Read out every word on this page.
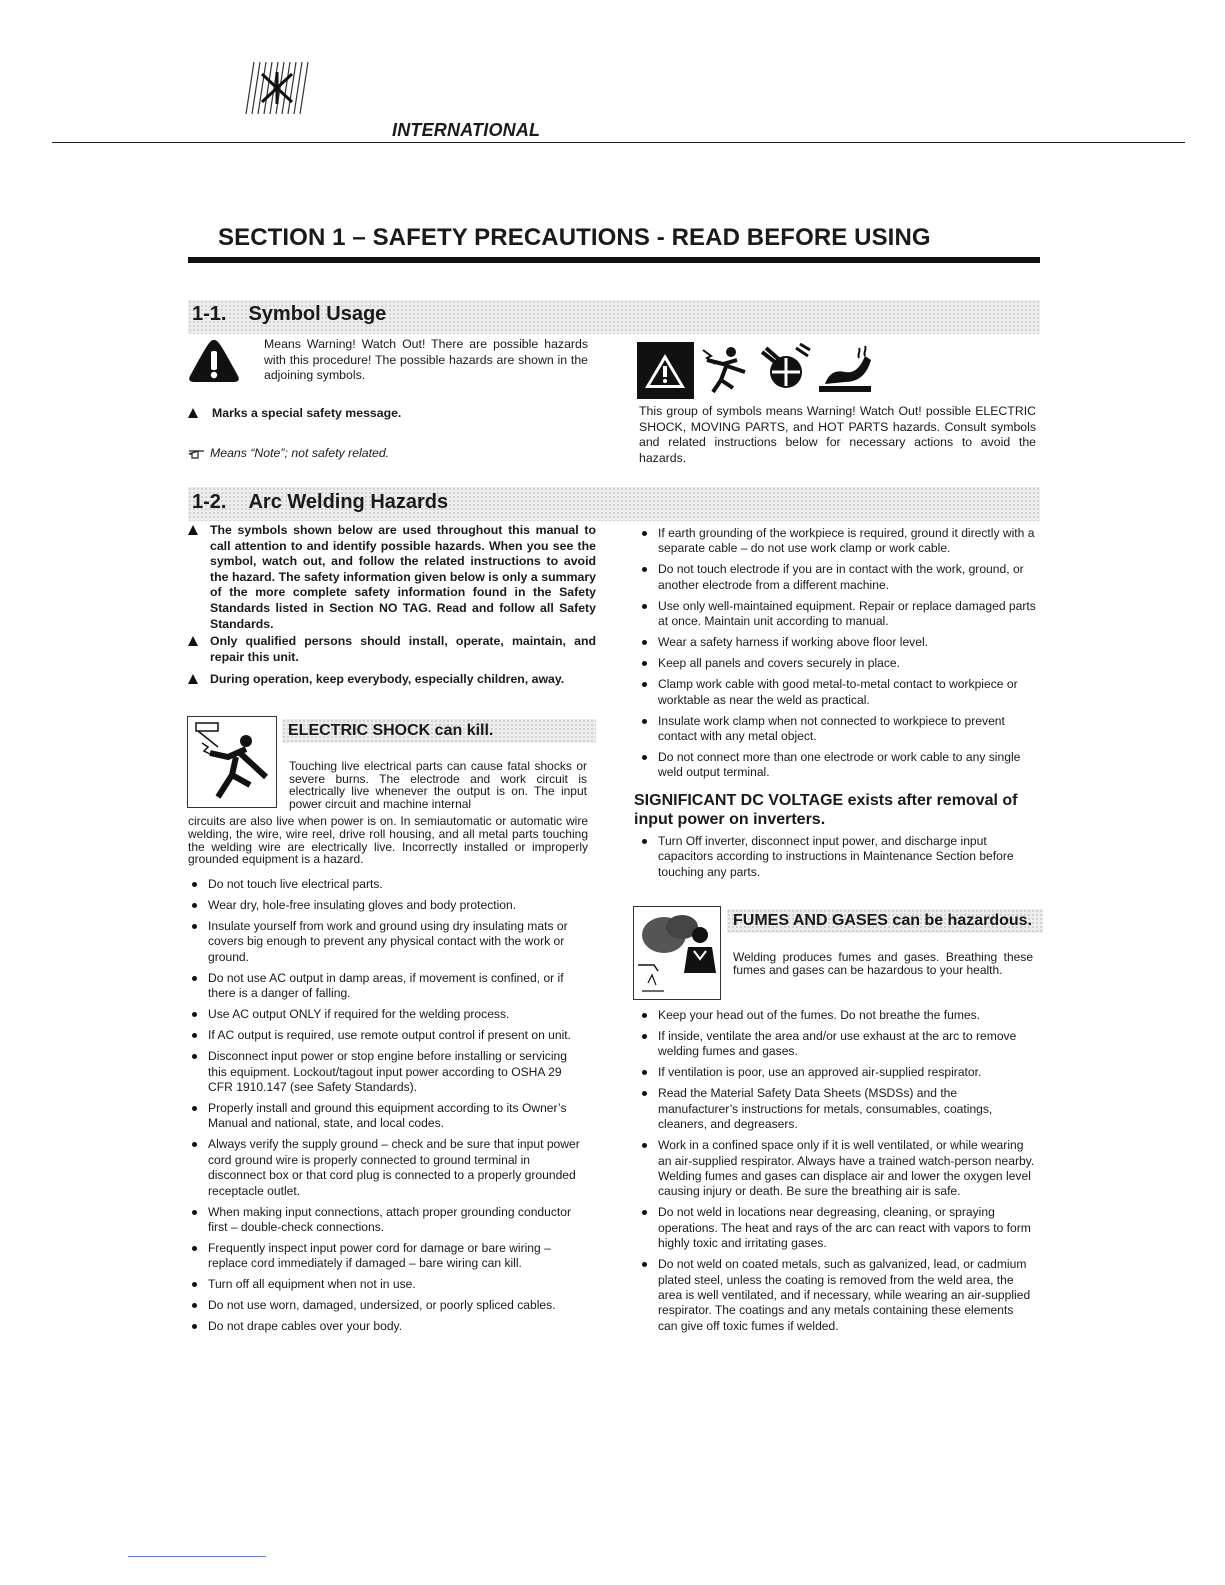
INTERNATIONAL
SECTION 1 – SAFETY PRECAUTIONS - READ BEFORE USING
1-1. Symbol Usage
Means Warning! Watch Out! There are possible hazards with this procedure! The possible hazards are shown in the adjoining symbols.
Marks a special safety message.
Means “Note”; not safety related.
This group of symbols means Warning! Watch Out! possible ELECTRIC SHOCK, MOVING PARTS, and HOT PARTS hazards. Consult symbols and related instructions below for necessary actions to avoid the hazards.
1-2. Arc Welding Hazards
The symbols shown below are used throughout this manual to call attention to and identify possible hazards. When you see the symbol, watch out, and follow the related instructions to avoid the hazard. The safety information given below is only a summary of the more complete safety information found in the Safety Standards listed in Section NO TAG. Read and follow all Safety Standards.
Only qualified persons should install, operate, maintain, and repair this unit.
During operation, keep everybody, especially children, away.
ELECTRIC SHOCK can kill.
Touching live electrical parts can cause fatal shocks or severe burns. The electrode and work circuit is electrically live whenever the output is on. The input power circuit and machine internal
circuits are also live when power is on. In semiautomatic or automatic wire welding, the wire, wire reel, drive roll housing, and all metal parts touching the welding wire are electrically live. Incorrectly installed or improperly grounded equipment is a hazard.
Do not touch live electrical parts.
Wear dry, hole-free insulating gloves and body protection.
Insulate yourself from work and ground using dry insulating mats or covers big enough to prevent any physical contact with the work or ground.
Do not use AC output in damp areas, if movement is confined, or if there is a danger of falling.
Use AC output ONLY if required for the welding process.
If AC output is required, use remote output control if present on unit.
Disconnect input power or stop engine before installing or servicing this equipment. Lockout/tagout input power according to OSHA 29 CFR 1910.147 (see Safety Standards).
Properly install and ground this equipment according to its Owner’s Manual and national, state, and local codes.
Always verify the supply ground – check and be sure that input power cord ground wire is properly connected to ground terminal in disconnect box or that cord plug is connected to a properly grounded receptacle outlet.
When making input connections, attach proper grounding conductor first – double-check connections.
Frequently inspect input power cord for damage or bare wiring – replace cord immediately if damaged – bare wiring can kill.
Turn off all equipment when not in use.
Do not use worn, damaged, undersized, or poorly spliced cables.
Do not drape cables over your body.
If earth grounding of the workpiece is required, ground it directly with a separate cable – do not use work clamp or work cable.
Do not touch electrode if you are in contact with the work, ground, or another electrode from a different machine.
Use only well-maintained equipment. Repair or replace damaged parts at once. Maintain unit according to manual.
Wear a safety harness if working above floor level.
Keep all panels and covers securely in place.
Clamp work cable with good metal-to-metal contact to workpiece or worktable as near the weld as practical.
Insulate work clamp when not connected to workpiece to prevent contact with any metal object.
Do not connect more than one electrode or work cable to any single weld output terminal.
SIGNIFICANT DC VOLTAGE exists after removal of input power on inverters.
Turn Off inverter, disconnect input power, and discharge input capacitors according to instructions in Maintenance Section before touching any parts.
FUMES AND GASES can be hazardous.
Welding produces fumes and gases. Breathing these fumes and gases can be hazardous to your health.
Keep your head out of the fumes. Do not breathe the fumes.
If inside, ventilate the area and/or use exhaust at the arc to remove welding fumes and gases.
If ventilation is poor, use an approved air-supplied respirator.
Read the Material Safety Data Sheets (MSDSs) and the manufacturer’s instructions for metals, consumables, coatings, cleaners, and degreasers.
Work in a confined space only if it is well ventilated, or while wearing an air-supplied respirator. Always have a trained watch-person nearby. Welding fumes and gases can displace air and lower the oxygen level causing injury or death. Be sure the breathing air is safe.
Do not weld in locations near degreasing, cleaning, or spraying operations. The heat and rays of the arc can react with vapors to form highly toxic and irritating gases.
Do not weld on coated metals, such as galvanized, lead, or cadmium plated steel, unless the coating is removed from the weld area, the area is well ventilated, and if necessary, while wearing an air-supplied respirator. The coatings and any metals containing these elements can give off toxic fumes if welded.
